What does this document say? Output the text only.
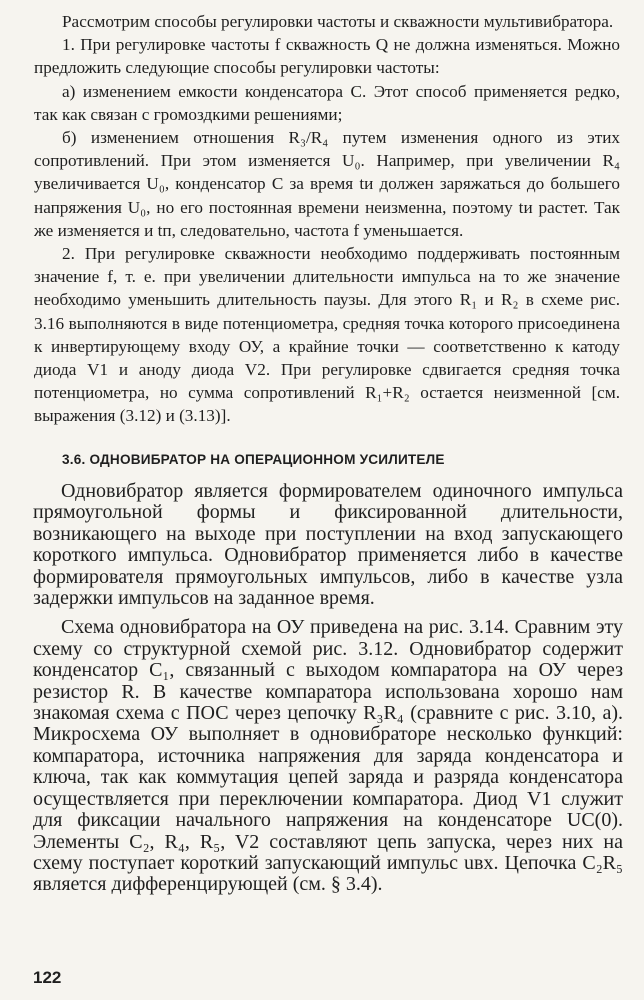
Рассмотрим способы регулировки частоты и скважности мультивибратора.

1. При регулировке частоты f скважность Q не должна изменяться. Можно предложить следующие способы регулировки частоты:

а) изменением емкости конденсатора C. Этот способ применяется редко, так как связан с громоздкими решениями;

б) изменением отношения R₃/R₄ путем изменения одного из этих сопротивлений. При этом изменяется U₀. Например, при увеличении R₄ увеличивается U₀, конденсатор C за время tи должен заряжаться до большего напряжения U₀, но его постоянная времени неизменна, поэтому tи растет. Так же изменяется и tп, следовательно, частота f уменьшается.

2. При регулировке скважности необходимо поддерживать постоянным значение f, т. е. при увеличении длительности импульса на то же значение необходимо уменьшить длительность паузы. Для этого R₁ и R₂ в схеме рис. 3.16 выполняются в виде потенциометра, средняя точка которого присоединена к инвертирующему входу ОУ, а крайние точки — соответственно к катоду диода V1 и аноду диода V2. При регулировке сдвигается средняя точка потенциометра, но сумма сопротивлений R₁+R₂ остается неизменной [см. выражения (3.12) и (3.13)].

3.6. ОДНОВИБРАТОР НА ОПЕРАЦИОННОМ УСИЛИТЕЛЕ

Одновибратор является формирователем одиночного импульса прямоугольной формы и фиксированной длительности, возникающего на выходе при поступлении на вход запускающего короткого импульса. Одновибратор применяется либо в качестве формирователя прямоугольных импульсов, либо в качестве узла задержки импульсов на заданное время.

Схема одновибратора на ОУ приведена на рис. 3.14. Сравним эту схему со структурной схемой рис. 3.12. Одновибратор содержит конденсатор C₁, связанный с выходом компаратора на ОУ через резистор R. В качестве компаратора использована хорошо нам знакомая схема с ПОС через цепочку R₃R₄ (сравните с рис. 3.10, а). Микросхема ОУ выполняет в одновибраторе несколько функций: компаратора, источника напряжения для заряда конденсатора и ключа, так как коммутация цепей заряда и разряда конденсатора осуществляется при переключении компаратора. Диод V1 служит для фиксации начального напряжения на конденсаторе UC(0). Элементы C₂, R₄, R₅, V2 составляют цепь запуска, через них на схему поступает короткий запускающий импульс uвх. Цепочка C₂R₅ является дифференцирующей (см. § 3.4).

122
